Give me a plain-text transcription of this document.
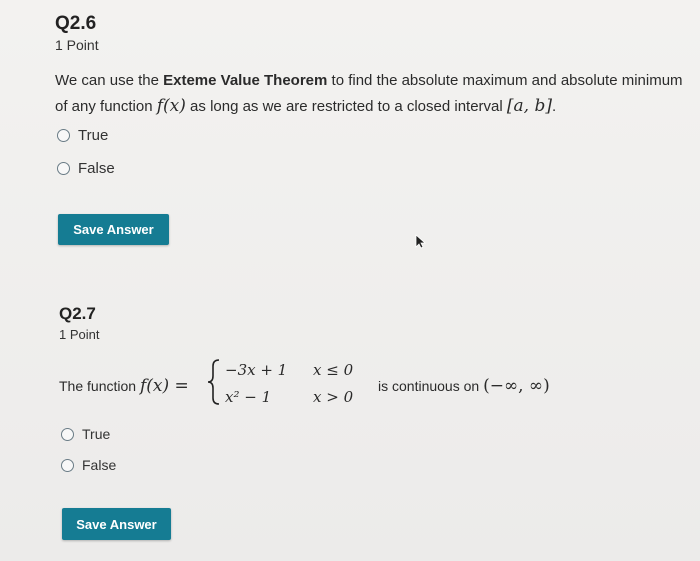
Q2.6
1 Point
We can use the Exteme Value Theorem to find the absolute maximum and absolute minimum
of any function f(x) as long as we are restricted to a closed interval [a, b].
True
False
Save Answer
Q2.7
1 Point
The function f(x) =
−3x + 1 x ≤ 0
x² − 1	x > 0
is continuous on (−∞, ∞)
True
False
Save Answer
